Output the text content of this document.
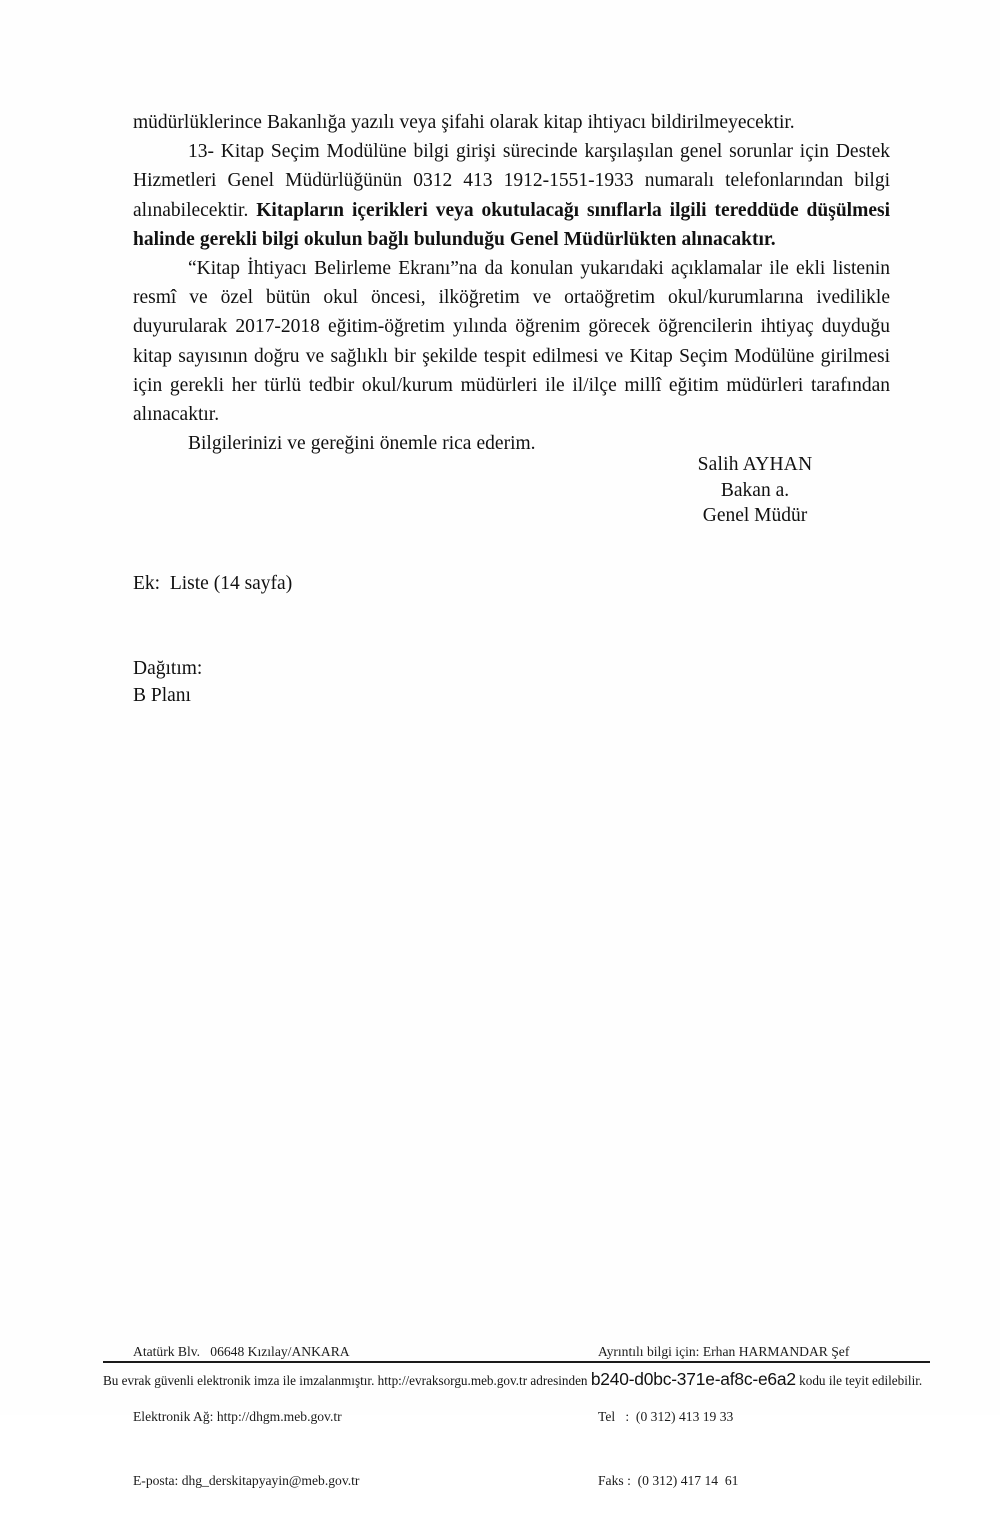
müdürlüklerince Bakanlığa yazılı veya şifahi olarak kitap ihtiyacı bildirilmeyecektir.

13- Kitap Seçim Modülüne bilgi girişi sürecinde karşılaşılan genel sorunlar için Destek Hizmetleri Genel Müdürlüğünün 0312 413 1912-1551-1933 numaralı telefonlarından bilgi alınabilecektir. Kitapların içerikleri veya okutulacağı sınıflarla ilgili tereddüde düşülmesi halinde gerekli bilgi okulun bağlı bulunduğu Genel Müdürlükten alınacaktır.

“Kitap İhtiyacı Belirleme Ekranı”na da konulan yukarıdaki açıklamalar ile ekli listenin resmî ve özel bütün okul öncesi, ilköğretim ve ortaöğretim okul/kurumlarına ivedilikle duyurularak 2017-2018 eğitim-öğretim yılında öğrenim görecek öğrencilerin ihtiyaç duyduğu kitap sayısının doğru ve sağlıklı bir şekilde tespit edilmesi ve Kitap Seçim Modülüne girilmesi için gerekli her türlü tedbir okul/kurum müdürleri ile il/ilçe millî eğitim müdürleri tarafından alınacaktır.

Bilgilerinizi ve gereğini önemle rica ederim.

Salih AYHAN
Bakan a.
Genel Müdür
Ek:  Liste (14 sayfa)
Dağıtım:
B Planı

Atatürk Blv.   06648 Kızılay/ANKARA

Elektronik Ağ: http://dhgm.meb.gov.tr

E-posta: dhg_derskitapyayin@meb.gov.tr

Ayrıntılı bilgi için: Erhan HARMANDAR Şef

Tel   :  (0 312) 413 19 33

Faks :  (0 312) 417 14  61

Bu evrak güvenli elektronik imza ile imzalanmıştır. http://evraksorgu.meb.gov.tr adresinden b240-d0bc-371e-af8c-e6a2 kodu ile teyit edilebilir.
